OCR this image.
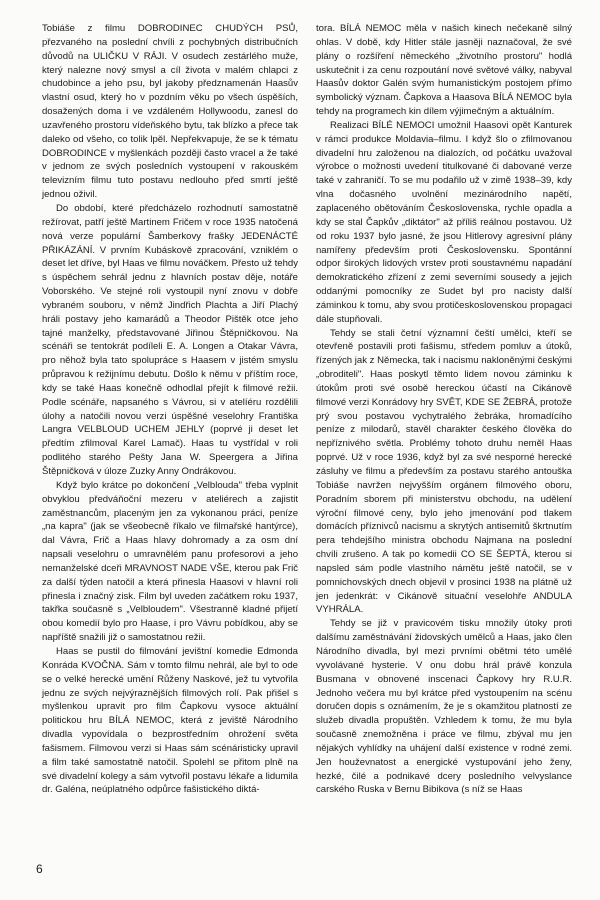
Tobiáše z filmu DOBRODINEC CHUDÝCH PSŮ, přezvaného na poslední chvíli z pochybných distribučních důvodů na ULIČKU V RÁJI. V osudech zestárlého muže, který nalezne nový smysl a cíl života v malém chlapci z chudobince a jeho psu, byl jakoby předznamenán Haasův vlastní osud, který ho v pozdním věku po všech úspěších, dosažených doma i ve vzdáleném Hollywoodu, zanesl do uzavřeného prostoru vídeňského bytu, tak blízko a přece tak daleko od všeho, co tolik lpěl. Nepřekvapuje, že se k tématu DOBRODINCE v myšlenkách později často vracel a že také v jednom ze svých posledních vystoupení v rakouském televizním filmu tuto postavu nedlouho před smrtí ještě jednou oživil.

Do období, které předcházelo rozhodnutí samostatně režírovat, patří ještě Martinem Fričem v roce 1935 natočená nová verze populární Šamberkovy frašky JEDENÁCTÉ PŘIKÁZÁNÍ. V prvním Kubáskově zpracování, vzniklém o deset let dříve, byl Haas ve filmu nováčkem. Přesto už tehdy s úspěchem sehrál jednu z hlavních postav děje, notáře Voborského. Ve stejné roli vystoupil nyní znovu v dobře vybraném souboru, v němž Jindřich Plachta a Jiří Plachý hráli postavy jeho kamarádů a Theodor Pištěk otce jeho tajné manželky, představované Jiřinou Štěpničkovou. Na scénáři se tentokrát podíleli E. A. Longen a Otakar Vávra, pro něhož byla tato spolupráce s Haasem v jistém smyslu průpravou k režijnímu debutu. Došlo k němu v příštím roce, kdy se také Haas konečně odhodlal přejít k filmové režii. Podle scénáře, napsaného s Vávrou, si v atelíéru rozdělili úlohy a natočili novou verzi úspěšné veselohry Františka Langra VELBLOUD UCHEM JEHLY (poprvé ji deset let předtím zfilmoval Karel Lamač). Haas tu vystřídal v roli podlitého starého Pešty Jana W. Speergera a Jiřina Štěpničková v úloze Zuzky Anny Ondrákovou.

Když bylo krátce po dokončení „Velblouda" třeba vyplnit obvyklou předváňoční mezeru v ateliérech a zajistit zaměstnancům, placeným jen za vykonanou práci, peníze „na kapra" (jak se všeobecně říkalo ve filmařské hantýrce), dal Vávra, Frič a Haas hlavy dohromady a za osm dní napsali veselohru o umravnělém panu profesorovi a jeho nemanželské dceři MRAVNOST NADE VŠE, kterou pak Frič za další týden natočil a která přinesla Haasovi v hlavní roli přinesla i značný zisk. Film byl uveden začátkem roku 1937, takřka současně s „Velbloudem". Všestranně kladné přijetí obou komedií bylo pro Haase, i pro Vávru pobídkou, aby se napříště snažili již o samostatnou režii.

Haas se pustil do filmování jevištní komedie Edmonda Konráda KVOČNA. Sám v tomto filmu nehrál, ale byl to ode se o velké herecké umění Růženy Naskové, jež tu vytvořila jednu ze svých nejvýraznějších filmových rolí. Pak přišel s myšlenkou upravit pro film Čapkovu vysoce aktuální politickou hru BÍLÁ NEMOC, která z jeviště Národního divadla vypovídala o bezprostředním ohrožení světa fašismem. Filmovou verzi si Haas sám scénáristicky upravil a film také samostatně natočil. Spolehl se přitom plně na své divadelní kolegy a sám vytvořil postavu lékaře a lidumila dr. Galéna, neúplatného odpůrce fašistického diktá-

tora. BÍLÁ NEMOC měla v našich kinech nečekaně silný ohlas. V době, kdy Hitler stále jasněji naznačoval, že své plány o rozšíření německého „životního prostoru" hodlá uskutečnit i za cenu rozpoutání nové světové války, nabyval Haasův doktor Galén svým humanistickým postojem přímo symbolický význam. Čapkova a Haasova BÍLÁ NEMOC byla tehdy na programech kin dílem výjimečným a aktuálním.

Realizaci BÍLÉ NEMOCI umožnil Haasovi opět Kanturek v rámci produkce Moldavia–filmu. I když šlo o zfilmovanou divadelní hru založenou na dialozích, od počátku uvažoval výrobce o možnosti uvedení titulkované či dabované verze také v zahraničí. To se mu podařilo už v zimě 1938–39, kdy vlna dočasného uvolnění mezinárodního napětí, zaplaceného obětováním Československa, rychle opadla a kdy se stal Čapkův „diktátor" až příliš reálnou postavou. Už od roku 1937 bylo jasné, že jsou Hitlerovy agresivní plány namířeny především proti Československu. Spontánní odpor širokých lidových vrstev proti soustavnému napadání demokratického zřízení z zemi severními sousedy a jejich oddanými pomocníky ze Sudet byl pro nacisty další záminkou k tomu, aby svou protičeskoslovenskou propagaci dále stupňovali.

Tehdy se stali četní významní čeští umělci, kteří se otevřeně postavili proti fašismu, středem pomluv a útoků, řízených jak z Německa, tak i nacismu nakloněnými českými „obroditeli". Haas poskytl těmto lidem novou záminku k útokům proti své osobě hereckou účastí na Cikánově filmové verzi Konrádovy hry SVĚT, KDE SE ŽEBRÁ, protože prý svou postavou vychytralého žebráka, hromadícího peníze z milodarů, stavěl charakter českého člověka do nepříznivého světla. Problémy tohoto druhu neměl Haas poprvé. Už v roce 1936, když byl za své nesporné herecké zásluhy ve filmu a především za postavu starého antouška Tobiáše navržen nejvyšším orgánem filmového oboru, Poradním sborem při ministerstvu obchodu, na udělení výroční filmové ceny, bylo jeho jmenování pod tlakem domácích příznivců nacismu a skrytých antisemitů škrtnutím pera tehdejšího ministra obchodu Najmana na poslední chvíli zrušeno. A tak po komedii CO SE ŠEPTÁ, kterou si napsled sám podle vlastního námětu ještě natočil, se v pomnichovských dnech objevil v prosinci 1938 na plátně už jen jedenkrát: v Cikánově situační veselohře ANDULA VYHRÁLA.

Tehdy se již v pravicovém tisku množily útoky proti dalšímu zaměstnávání židovských umělců a Haas, jako člen Národního divadla, byl mezi prvními obětmi této umělé vyvolávané hysterie. V onu dobu hrál právě konzula Busmana v obnovené inscenaci Čapkovy hry R.U.R. Jednoho večera mu byl krátce před vystoupením na scénu doručen dopis s oznámením, že je s okamžitou platností ze služeb divadla propuštěn. Vzhledem k tomu, že mu byla současně znemožněna i práce ve filmu, zbýval mu jen nějakých vyhlídky na uhájení další existence v rodné zemi. Jen houževnatost a energické vystupování jeho ženy, hezké, čilé a podnikavé dcery posledního velvyslance carského Ruska v Bernu Bibikova (s níž se Haas

6
